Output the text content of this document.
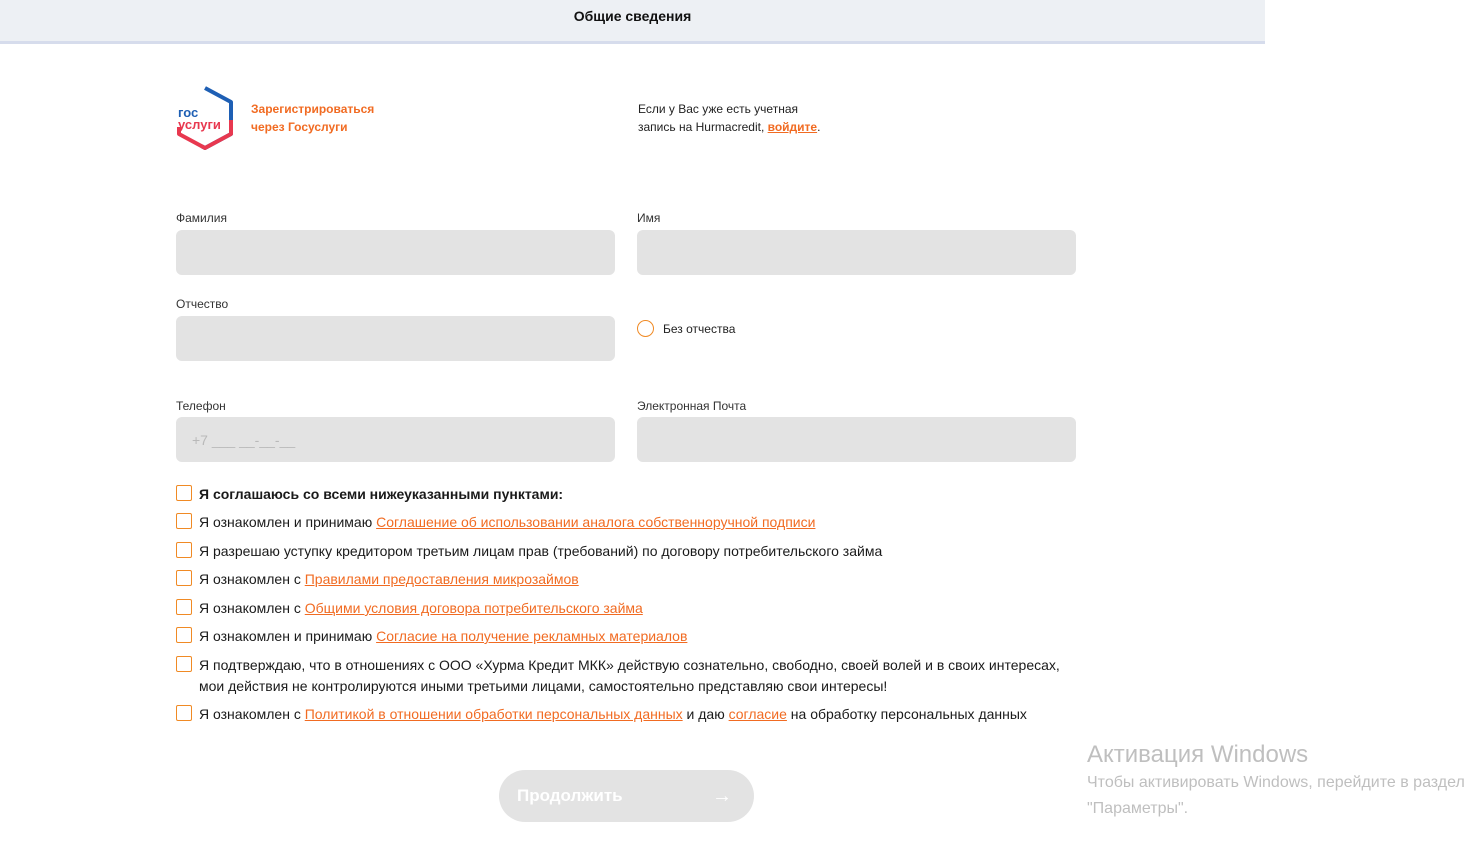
Общие сведения
гос
услуги
Зарегистрироваться
через Госуслуги
Если у Вас уже есть учетная
запись на Hurmacredit, войдите.
Фамилия	Имя
Отчество
Без отчества
Телефон
+7 ___ __-__-__	Электронная Почта
Я соглашаюсь со всеми нижеуказанными пунктами:
Я ознакомлен и принимаю Соглашение об использовании аналога собственноручной подписи
Я разрешаю уступку кредитором третьим лицам прав (требований) по договору потребительского займа
Я ознакомлен с Правилами предоставления микрозаймов
Я ознакомлен с Общими условия договора потребительского займа
Я ознакомлен и принимаю Согласие на получение рекламных материалов
Я подтверждаю, что в отношениях с ООО «Хурма Кредит МКК» действую сознательно, свободно, своей волей и в своих интересах, мои действия не контролируются иными третьими лицами, самостоятельно представляю свои интересы!
Я ознакомлен с Политикой в отношении обработки персональных данных и даю согласие на обработку персональных данных
Продолжить	→
Активация Windows
Чтобы активировать Windows, перейдите в раздел
"Параметры".
